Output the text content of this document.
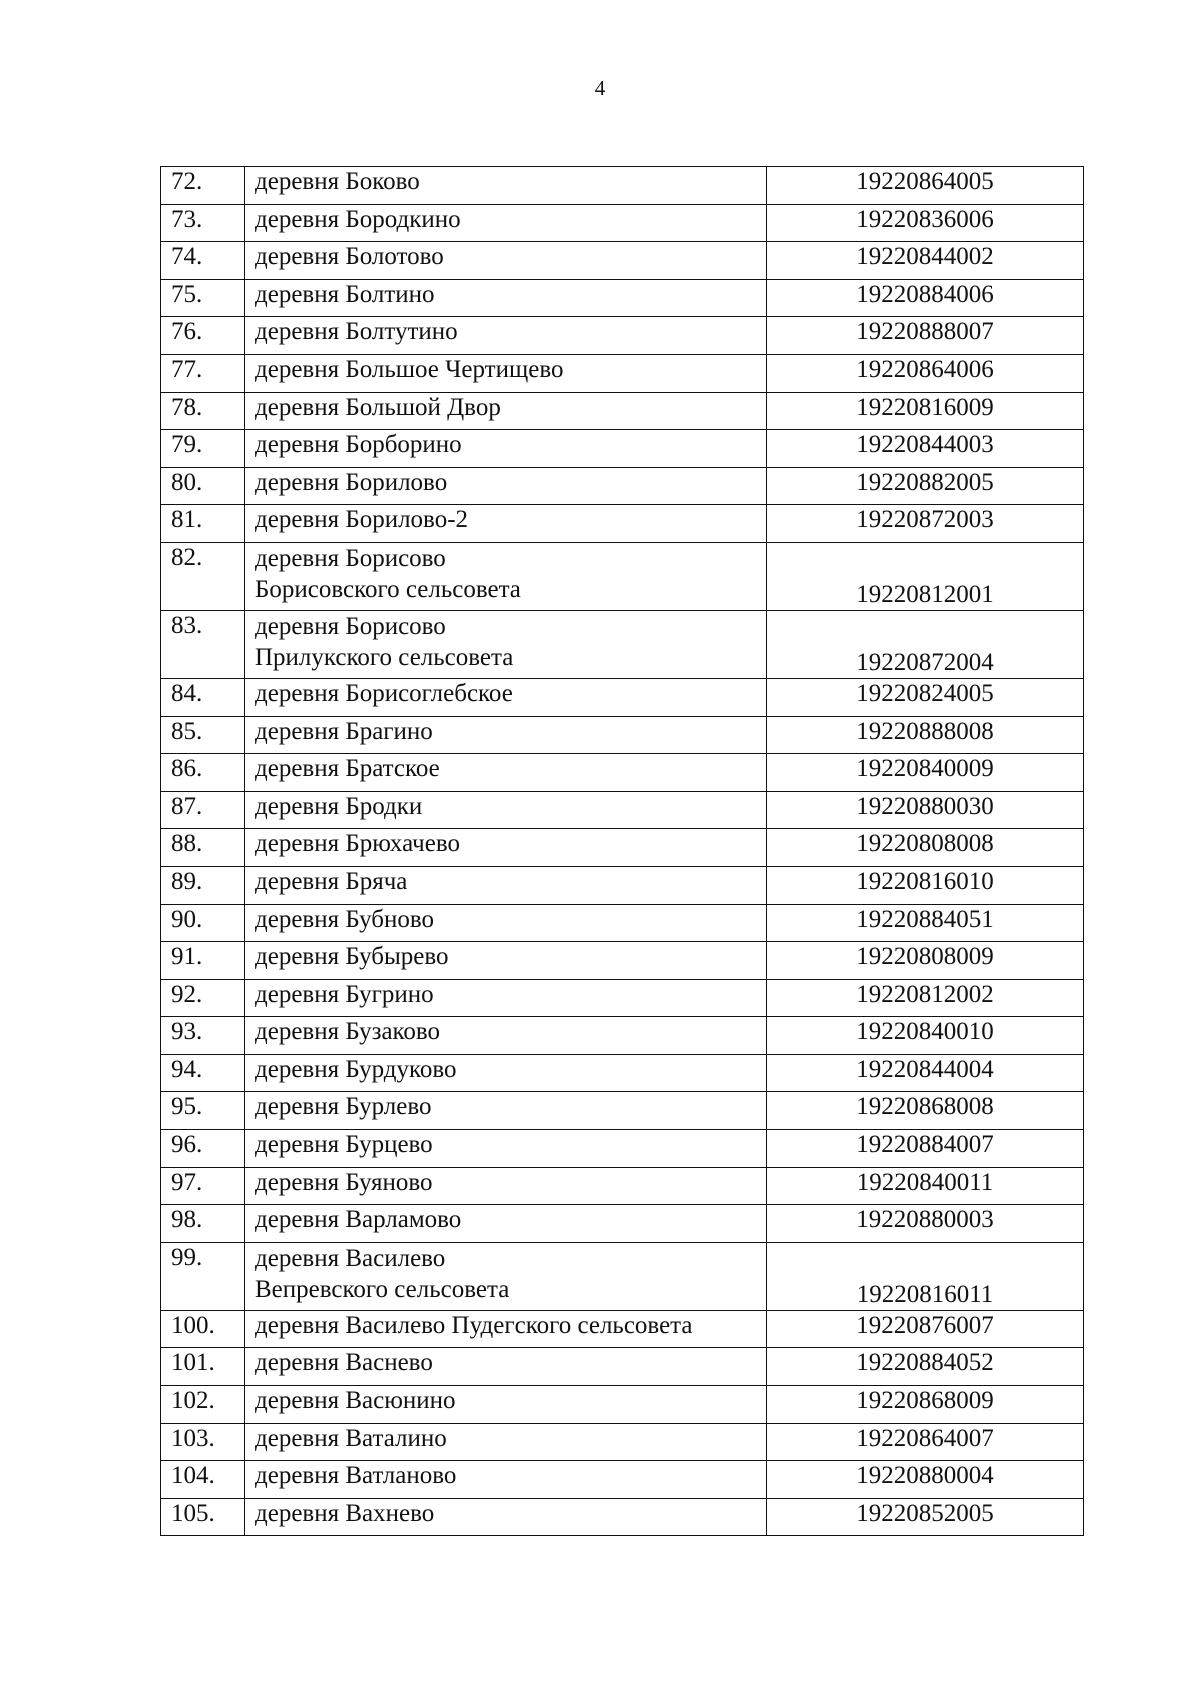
4
72.	деревня Боково	19220864005
73.	деревня Бородкино	19220836006
74.	деревня Болотово	19220844002
75.	деревня Болтино	19220884006
76.	деревня Болтутино	19220888007
77.	деревня Большое Чертищево	19220864006
78.	деревня Большой Двор	19220816009
79.	деревня Борборино	19220844003
80.	деревня Борилово	19220882005
81.	деревня Борилово-2	19220872003
82.	деревня Борисово
Борисовского сельсовета	19220812001
83.	деревня Борисово
Прилукского сельсовета	19220872004
84.	деревня Борисоглебское	19220824005
85.	деревня Брагино	19220888008
86.	деревня Братское	19220840009
87.	деревня Бродки	19220880030
88.	деревня Брюхачево	19220808008
89.	деревня Бряча	19220816010
90.	деревня Бубново	19220884051
91.	деревня Бубырево	19220808009
92.	деревня Бугрино	19220812002
93.	деревня Бузаково	19220840010
94.	деревня Бурдуково	19220844004
95.	деревня Бурлево	19220868008
96.	деревня Бурцево	19220884007
97.	деревня Буяново	19220840011
98.	деревня Варламово	19220880003
99.	деревня Василево
Вепревского сельсовета	19220816011
100.	деревня Василево Пудегского сельсовета	19220876007
101.	деревня Васнево	19220884052
102.	деревня Васюнино	19220868009
103.	деревня Ваталино	19220864007
104.	деревня Ватланово	19220880004
105.	деревня Вахнево	19220852005
